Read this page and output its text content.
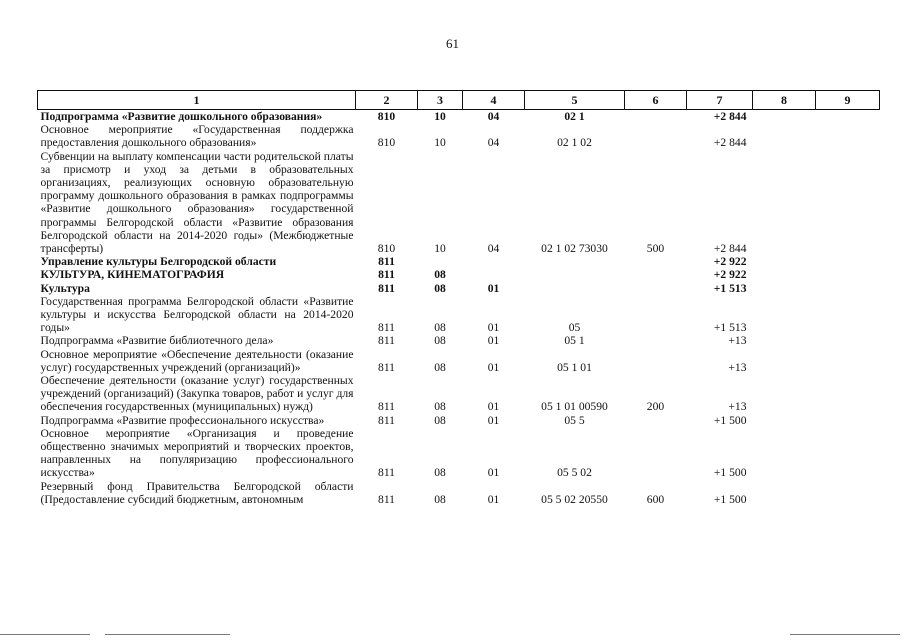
61
1	2	3	4	5	6	7	8	9
Подпрограмма «Развитие дошкольного образования»	810	10	04	02 1		+2 844		
Основное мероприятие «Государственная поддержка предоставления дошкольного образования»	810	10	04	02 1 02		+2 844		
Субвенции на выплату компенсации части родительской платы за присмотр и уход за детьми в образовательных организациях, реализующих основную образовательную программу дошкольного образования в рамках подпрограммы «Развитие дошкольного образования» государственной программы Белгородской области «Развитие образования Белгородской области на 2014-2020 годы» (Межбюджетные трансферты)	810	10	04	02 1 02 73030	500	+2 844		
Управление культуры Белгородской области	811					+2 922		
КУЛЬТУРА, КИНЕМАТОГРАФИЯ	811	08				+2 922		
Культура	811	08	01			+1 513		
Государственная программа Белгородской области «Развитие культуры и искусства Белгородской области на 2014-2020 годы»	811	08	01	05		+1 513		
Подпрограмма «Развитие библиотечного дела»	811	08	01	05 1		+13		
Основное мероприятие «Обеспечение деятельности (оказание услуг) государственных учреждений (организаций)»	811	08	01	05 1 01		+13		
Обеспечение деятельности (оказание услуг) государственных учреждений (организаций) (Закупка товаров, работ и услуг для обеспечения государственных (муниципальных) нужд)	811	08	01	05 1 01 00590	200	+13		
Подпрограмма «Развитие профессионального искусства»	811	08	01	05 5		+1 500		
Основное мероприятие «Организация и проведение общественно значимых мероприятий и творческих проектов, направленных на популяризацию профессионального искусства»	811	08	01	05 5 02		+1 500		
Резервный фонд Правительства Белгородской области (Предоставление субсидий бюджетным, автономным	811	08	01	05 5 02 20550	600	+1 500		
